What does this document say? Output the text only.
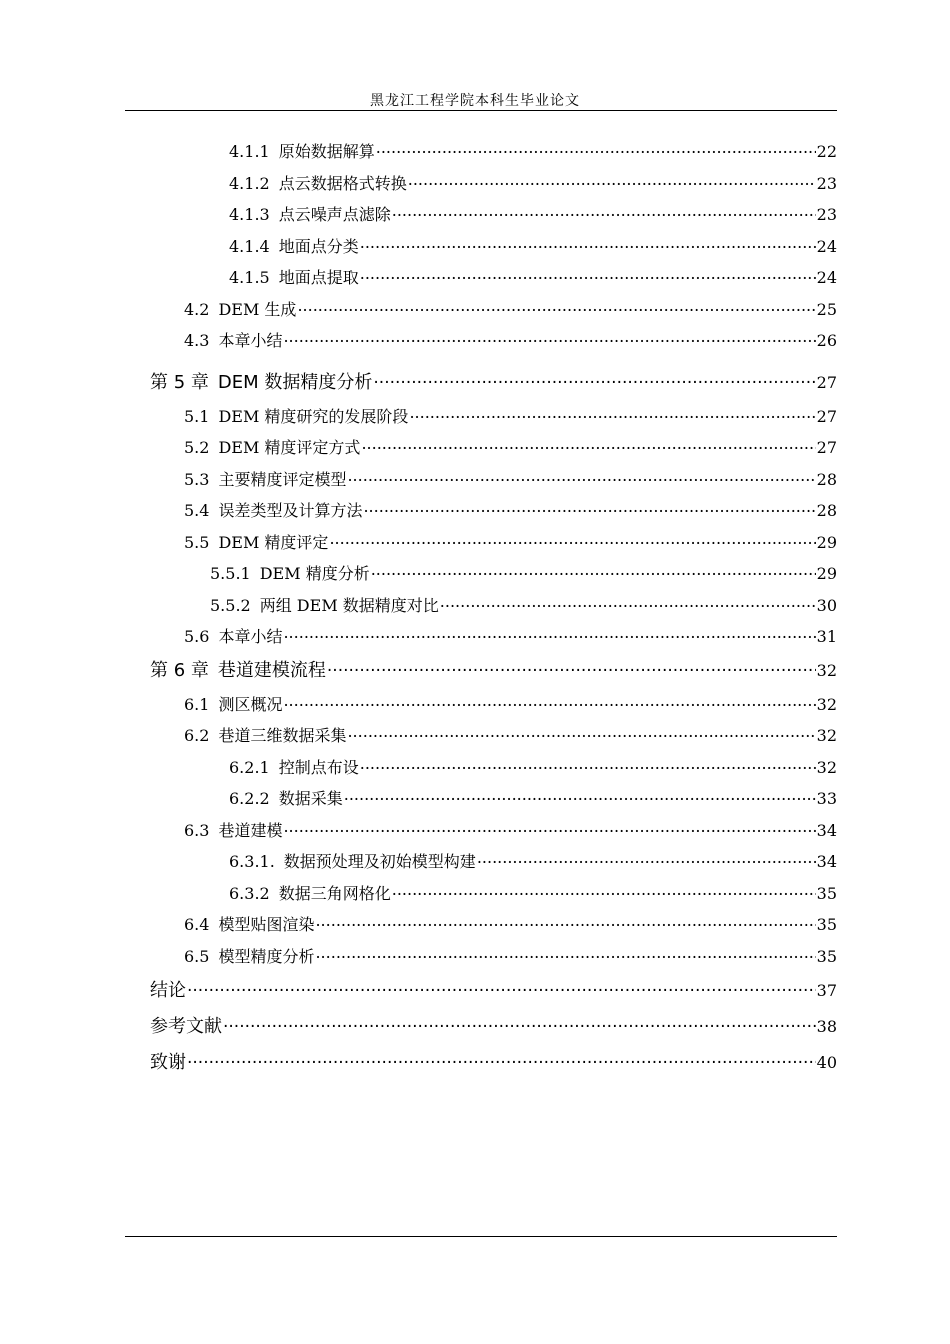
黑龙江工程学院本科生毕业论文
4.1.1 原始数据解算 .....	22
4.1.2 点云数据格式转换 .....	23
4.1.3 点云噪声点滤除 .....	23
4.1.4 地面点分类 .....	24
4.1.5 地面点提取 .....	24
4.2 DEM 生成 .....	25
4.3 本章小结 .....	26
第 5 章 DEM 数据精度分析 .....	27
5.1 DEM 精度研究的发展阶段 .....	27
5.2 DEM 精度评定方式 .....	27
5.3 主要精度评定模型 .....	28
5.4 误差类型及计算方法 .....	28
5.5 DEM 精度评定 .....	29
5.5.1 DEM 精度分析 .....	29
5.5.2 两组 DEM 数据精度对比 .....	30
5.6 本章小结 .....	31
第 6 章 巷道建模流程 .....	32
6.1 测区概况 .....	32
6.2 巷道三维数据采集 .....	32
6.2.1 控制点布设 .....	32
6.2.2 数据采集 .....	33
6.3 巷道建模 .....	34
6.3.1. 数据预处理及初始模型构建 .....	34
6.3.2 数据三角网格化 .....	35
6.4 模型贴图渲染 .....	35
6.5 模型精度分析 .....	35
结论 .....	37
参考文献 .....	38
致谢 .....	40
